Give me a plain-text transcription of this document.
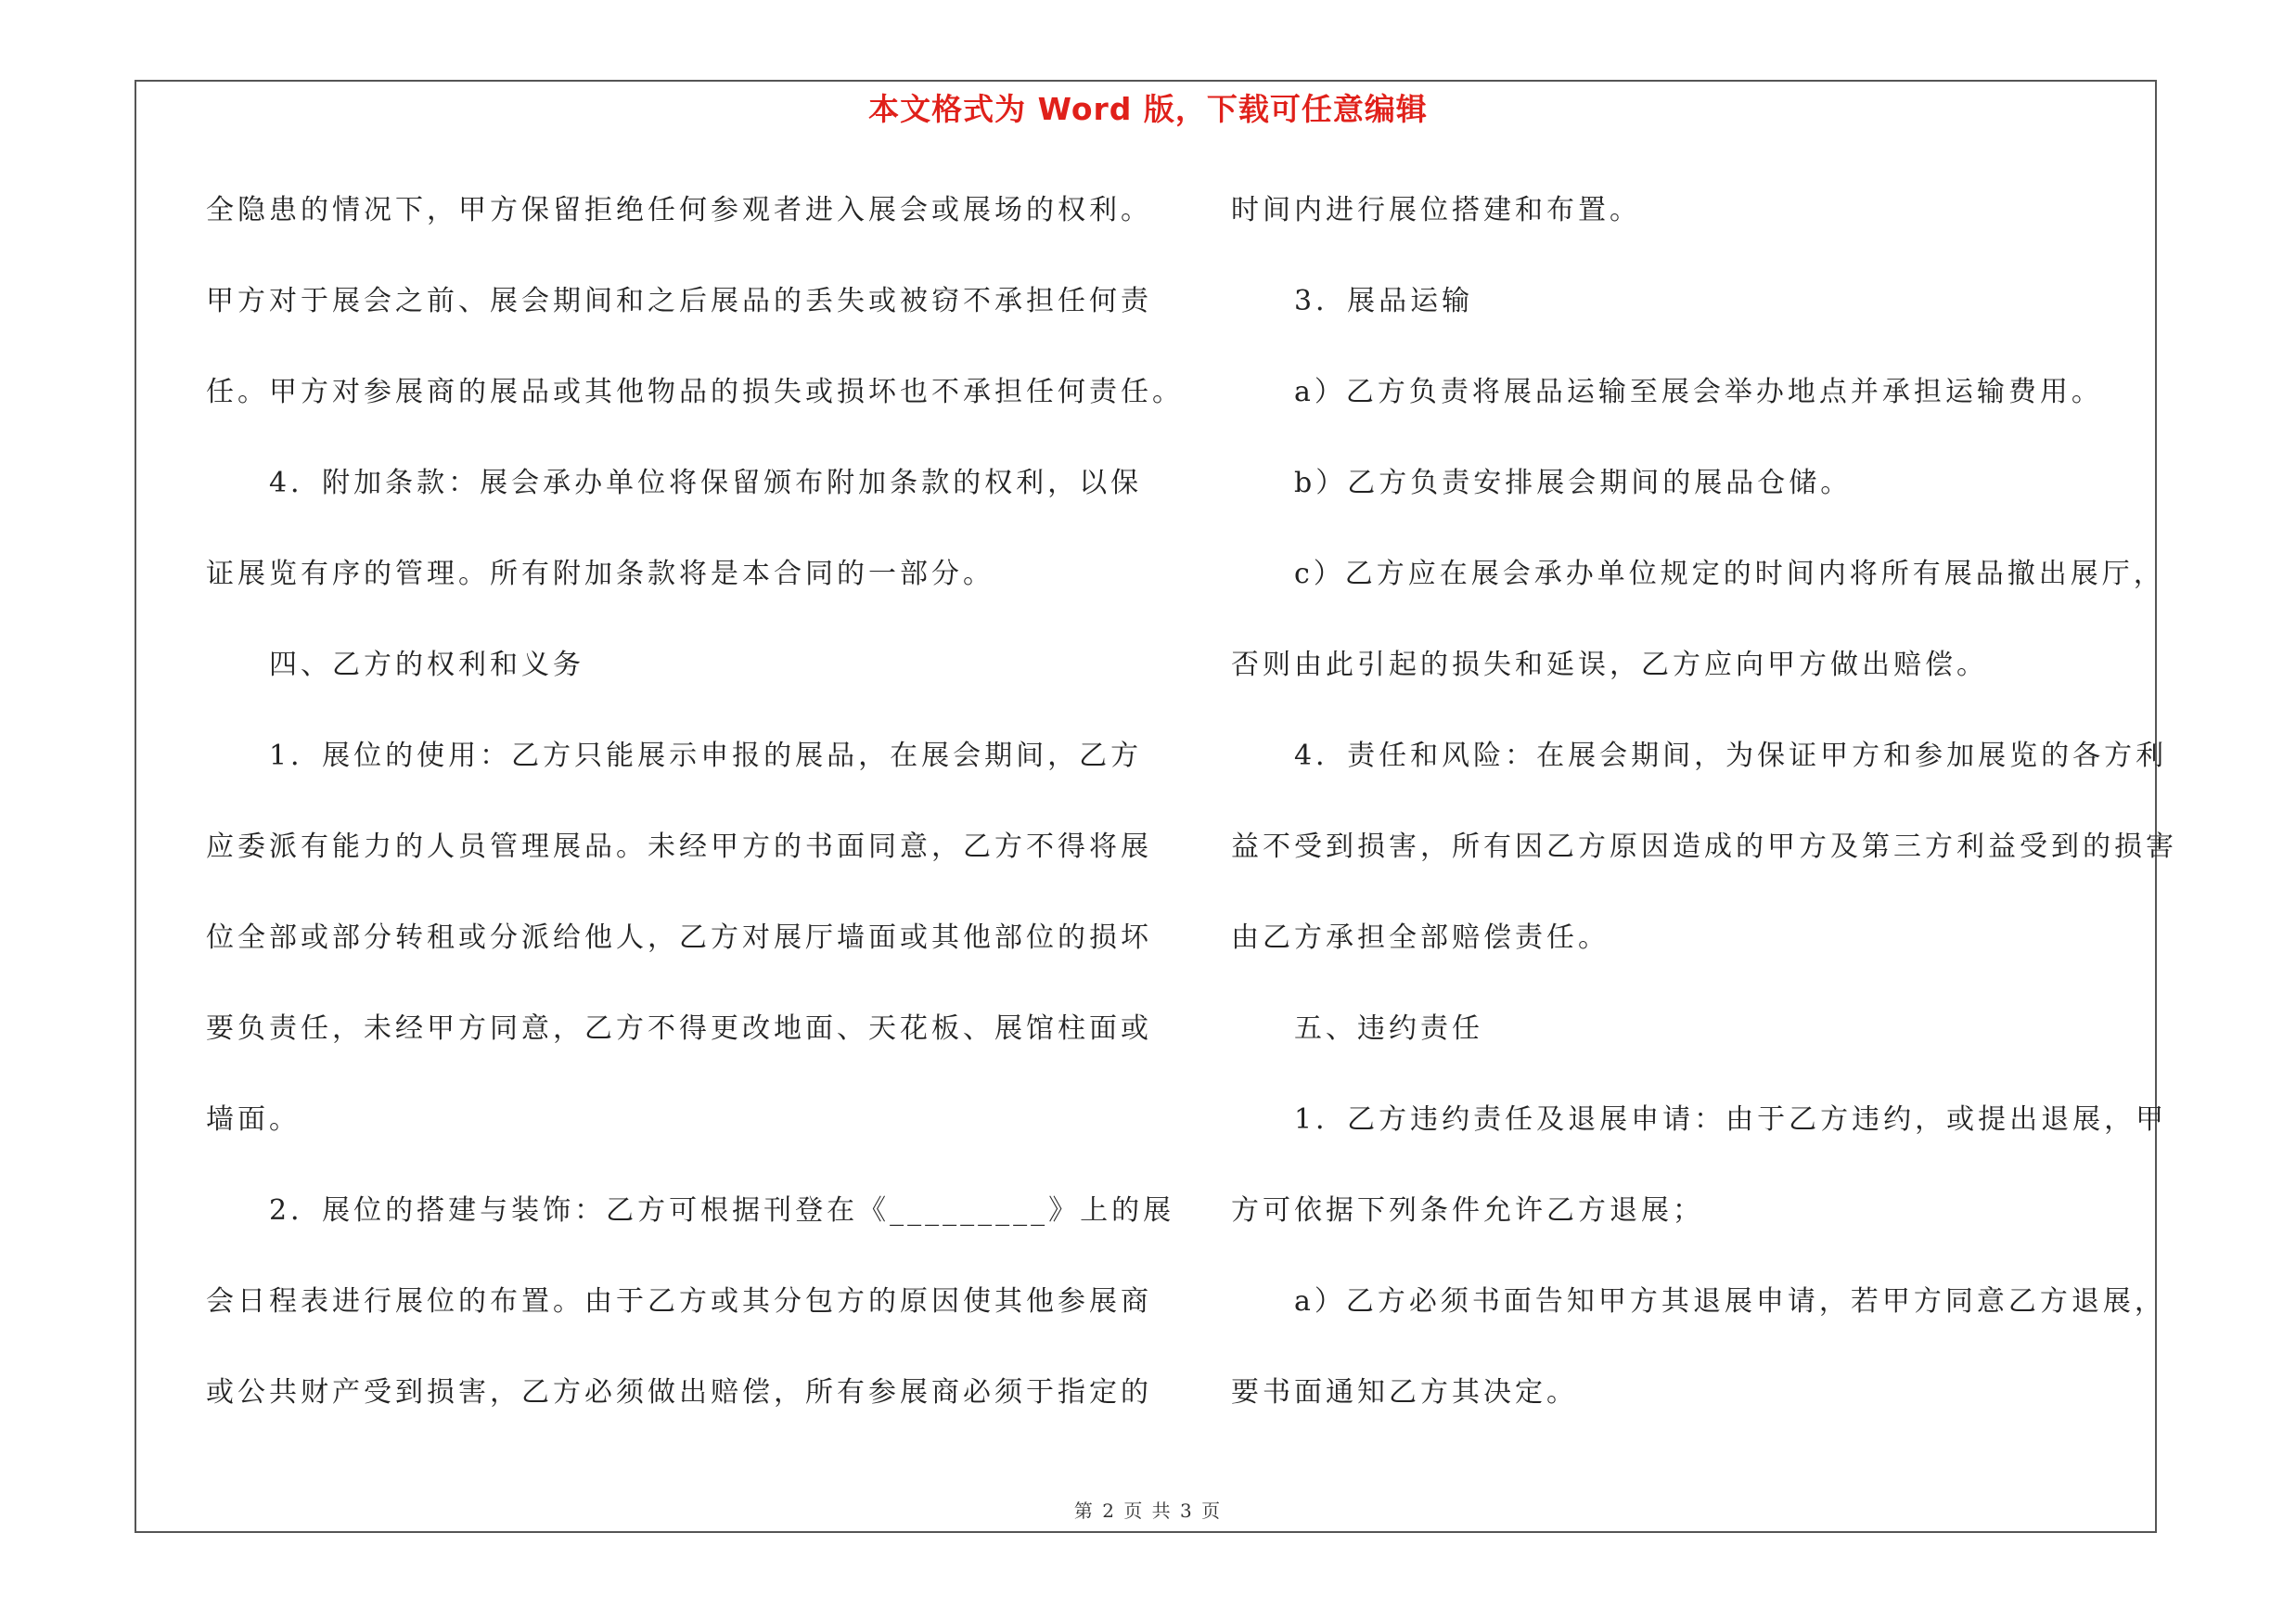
本文格式为 Word 版，下载可任意编辑
全隐患的情况下，甲方保留拒绝任何参观者进入展会或展场的权利。
甲方对于展会之前、展会期间和之后展品的丢失或被窃不承担任何责
任。甲方对参展商的展品或其他物品的损失或损坏也不承担任何责任。
4．附加条款：展会承办单位将保留颁布附加条款的权利，以保
证展览有序的管理。所有附加条款将是本合同的一部分。
四、乙方的权利和义务
1．展位的使用：乙方只能展示申报的展品，在展会期间，乙方
应委派有能力的人员管理展品。未经甲方的书面同意，乙方不得将展
位全部或部分转租或分派给他人，乙方对展厅墙面或其他部位的损坏
要负责任，未经甲方同意，乙方不得更改地面、天花板、展馆柱面或
墙面。
2．展位的搭建与装饰：乙方可根据刊登在《_________》上的展
会日程表进行展位的布置。由于乙方或其分包方的原因使其他参展商
或公共财产受到损害，乙方必须做出赔偿，所有参展商必须于指定的
时间内进行展位搭建和布置。
3．展品运输
a）乙方负责将展品运输至展会举办地点并承担运输费用。
b）乙方负责安排展会期间的展品仓储。
c）乙方应在展会承办单位规定的时间内将所有展品撤出展厅，
否则由此引起的损失和延误，乙方应向甲方做出赔偿。
4．责任和风险：在展会期间，为保证甲方和参加展览的各方利
益不受到损害，所有因乙方原因造成的甲方及第三方利益受到的损害
由乙方承担全部赔偿责任。
五、违约责任
1．乙方违约责任及退展申请：由于乙方违约，或提出退展，甲
方可依据下列条件允许乙方退展；
a）乙方必须书面告知甲方其退展申请，若甲方同意乙方退展，
要书面通知乙方其决定。
第 2 页 共 3 页
